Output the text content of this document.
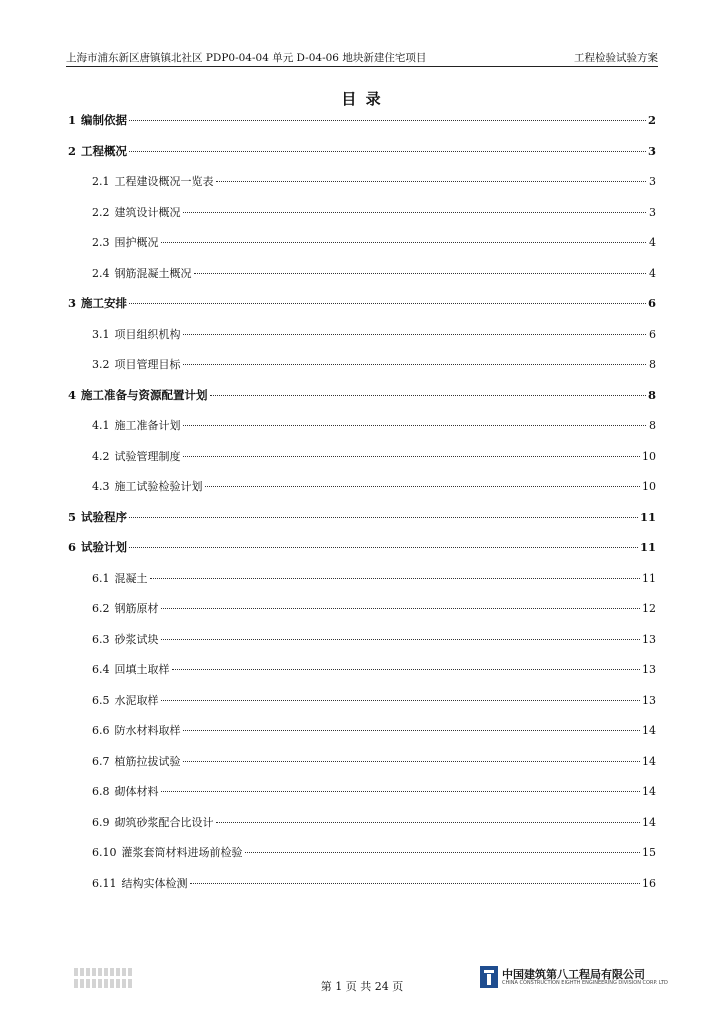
上海市浦东新区唐镇镇北社区 PDP0-04-04 单元 D-04-06 地块新建住宅项目	工程检验试验方案
目 录
1 编制依据	2
2 工程概况	3
2.1 工程建设概况一览表	3
2.2 建筑设计概况	3
2.3 围护概况	4
2.4 钢筋混凝土概况	4
3 施工安排	6
3.1 项目组织机构	6
3.2 项目管理目标	8
4 施工准备与资源配置计划	8
4.1 施工准备计划	8
4.2 试验管理制度	10
4.3 施工试验检验计划	10
5 试验程序	11
6 试验计划	11
6.1 混凝土	11
6.2 钢筋原材	12
6.3 砂浆试块	13
6.4 回填土取样	13
6.5 水泥取样	13
6.6 防水材料取样	14
6.7 植筋拉拔试验	14
6.8 砌体材料	14
6.9 砌筑砂浆配合比设计	14
6.10 灌浆套筒材料进场前检验	15
6.11 结构实体检测	16
第 1 页 共 24 页
中国建筑第八工程局有限公司
CHINA CONSTRUCTION EIGHTH ENGINEERING DIVISION CORP. LTD
